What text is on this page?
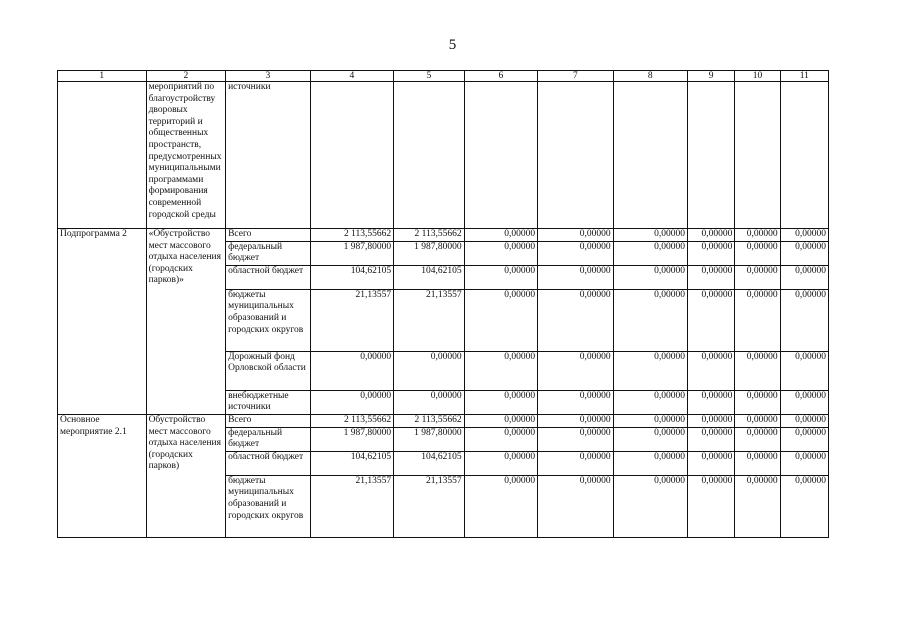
5
1	2	3	4	5	6	7	8	9	10	11
	мероприятий по благоустройству дворовых территорий и общественных пространств, предусмотренных муниципальными программами формирования современной городской среды	источники								
Подпрограмма 2	«Обустройство мест массового отдыха населения (городских парков)»	Всего	2 113,55662	2 113,55662	0,00000	0,00000	0,00000	0,00000	0,00000	0,00000
		федеральный бюджет	1 987,80000	1 987,80000	0,00000	0,00000	0,00000	0,00000	0,00000	0,00000
		областной бюджет	104,62105	104,62105	0,00000	0,00000	0,00000	0,00000	0,00000	0,00000
		бюджеты муниципальных образований и городских округов	21,13557	21,13557	0,00000	0,00000	0,00000	0,00000	0,00000	0,00000
		Дорожный фонд Орловской области	0,00000	0,00000	0,00000	0,00000	0,00000	0,00000	0,00000	0,00000
		внебюджетные источники	0,00000	0,00000	0,00000	0,00000	0,00000	0,00000	0,00000	0,00000
Основное мероприятие 2.1	Обустройство мест массового отдыха населения (городских парков)	Всего	2 113,55662	2 113,55662	0,00000	0,00000	0,00000	0,00000	0,00000	0,00000
		федеральный бюджет	1 987,80000	1 987,80000	0,00000	0,00000	0,00000	0,00000	0,00000	0,00000
		областной бюджет	104,62105	104,62105	0,00000	0,00000	0,00000	0,00000	0,00000	0,00000
		бюджеты муниципальных образований и городских округов	21,13557	21,13557	0,00000	0,00000	0,00000	0,00000	0,00000	0,00000
